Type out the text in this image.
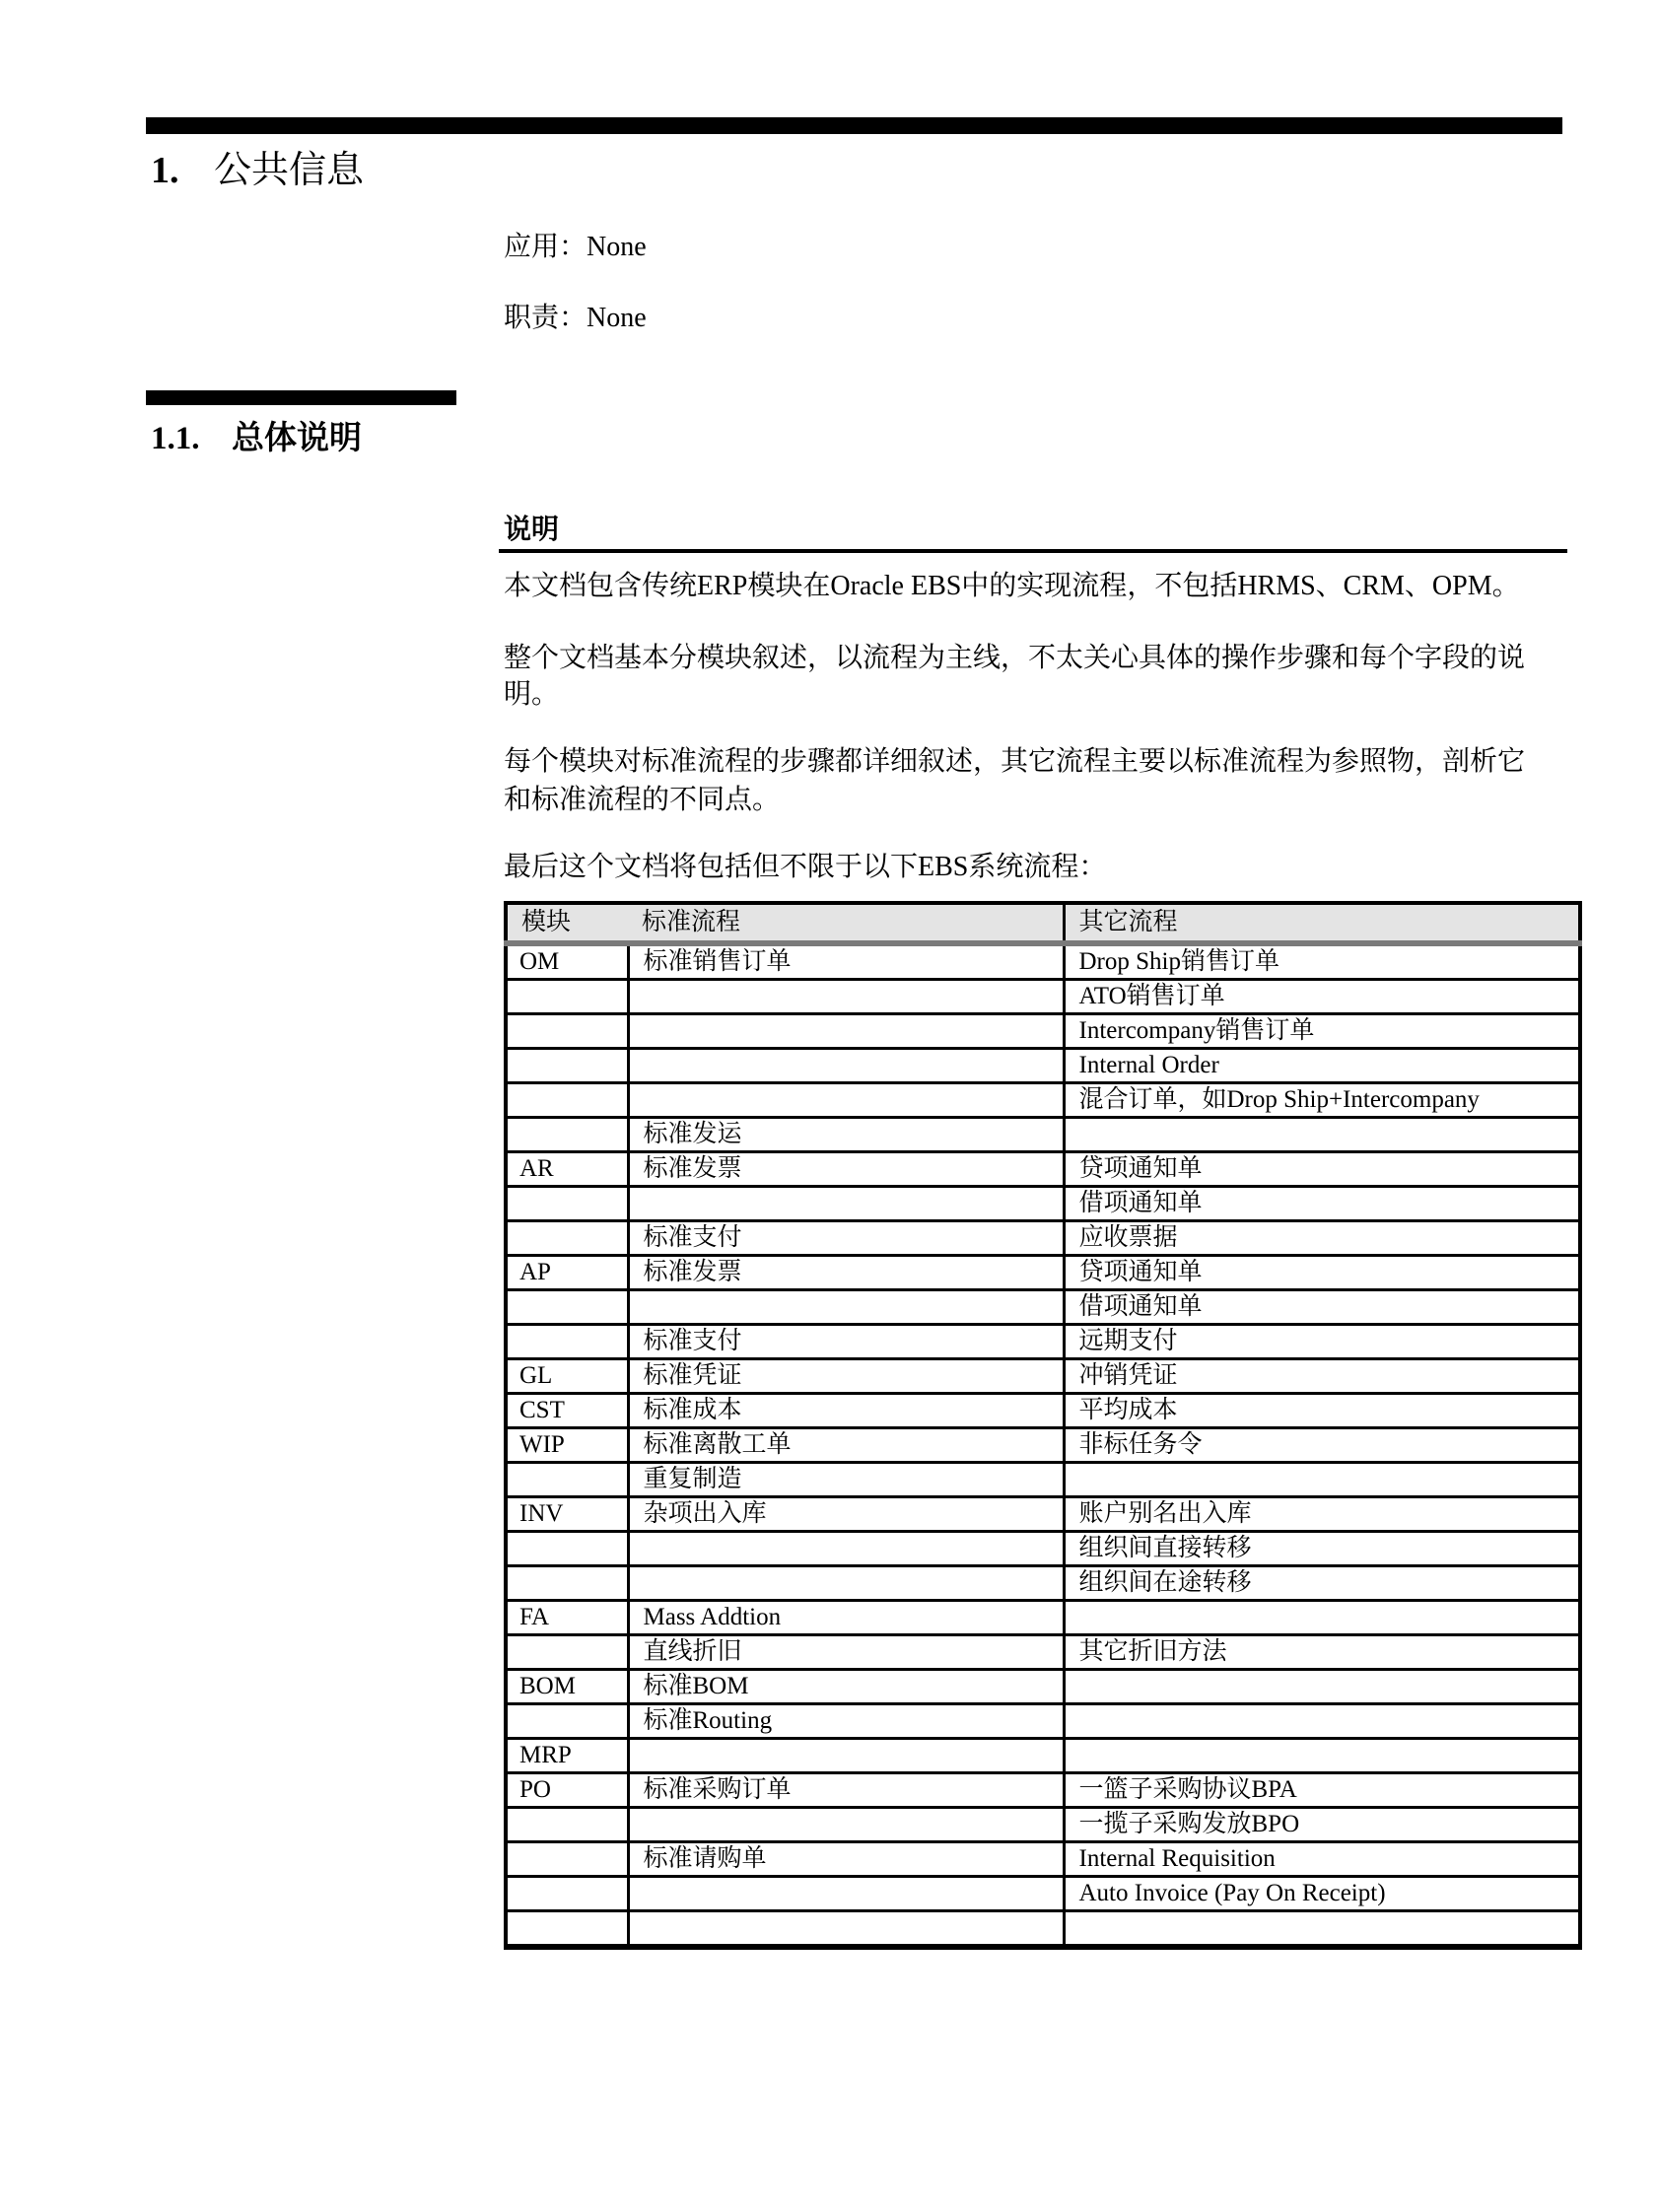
1. 公共信息
应用：None
职责：None
1.1. 总体说明
说明
本文档包含传统ERP模块在Oracle EBS中的实现流程，不包括HRMS、CRM、OPM。
整个文档基本分模块叙述，以流程为主线，不太关心具体的操作步骤和每个字段的说
明。
每个模块对标准流程的步骤都详细叙述，其它流程主要以标准流程为参照物，剖析它
和标准流程的不同点。
最后这个文档将包括但不限于以下EBS系统流程：
模块	标准流程	其它流程
OM	标准销售订单	Drop Ship销售订单
		ATO销售订单
		Intercompany销售订单
		Internal Order
		混合订单，如Drop Ship+Intercompany
	标准发运	
AR	标准发票	贷项通知单
		借项通知单
	标准支付	应收票据
AP	标准发票	贷项通知单
		借项通知单
	标准支付	远期支付
GL	标准凭证	冲销凭证
CST	标准成本	平均成本
WIP	标准离散工单	非标任务令
	重复制造	
INV	杂项出入库	账户别名出入库
		组织间直接转移
		组织间在途转移
FA	Mass Addtion	
	直线折旧	其它折旧方法
BOM	标准BOM	
	标准Routing	
MRP		
PO	标准采购订单	一篮子采购协议BPA
		一揽子采购发放BPO
	标准请购单	Internal Requisition
		Auto Invoice (Pay On Receipt)
